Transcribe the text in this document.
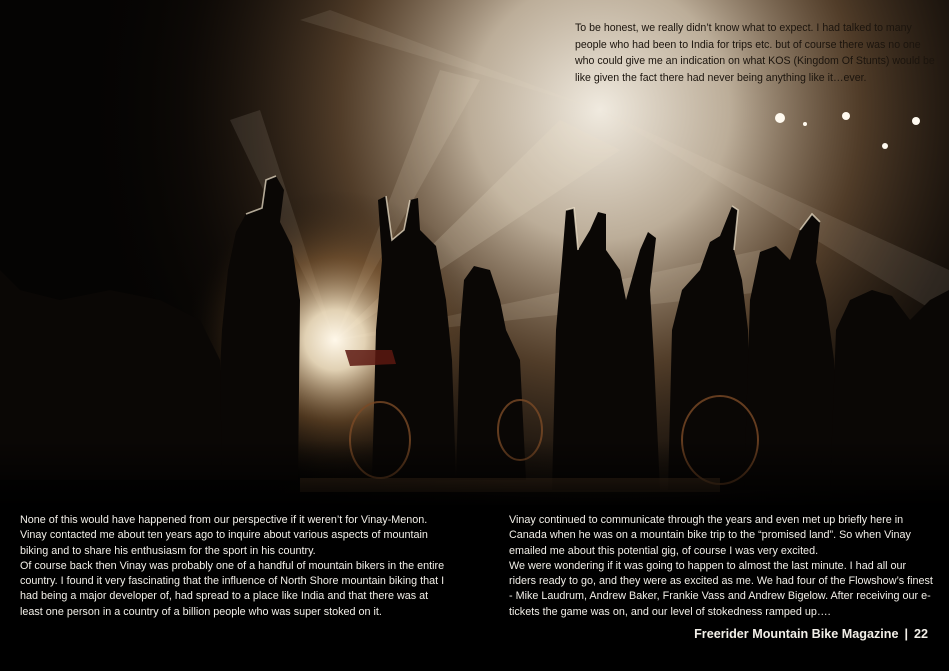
To be honest, we really didn’t know what to expect. I had talked to many people who had been to India for trips etc. but of course there was no one who could give me an indication on what KOS (Kingdom Of Stunts) would be like given the fact there had never being anything like it…ever.

None of this would have happened from our perspective if it weren’t for Vinay-Menon. Vinay contacted me about ten years ago to inquire about various aspects of mountain biking and to share his enthusiasm for the sport in his country.

Of course back then Vinay was probably one of a handful of mountain bikers in the entire country. I found it very fascinating that the influence of North Shore mountain biking that I had being a major developer of, had spread to a place like India and that there was at least one person in a country of a billion people who was super stoked on it.

Vinay continued to communicate through the years and even met up briefly here in Canada when he was on a mountain bike trip to the “promised land”. So when Vinay emailed me about this potential gig, of course I was very excited.

We were wondering if it was going to happen to almost the last minute. I had all our riders ready to go, and they were as excited as me. We had four of the Flowshow’s finest - Mike Laudrum, Andrew Baker, Frankie Vass and Andrew Bigelow. After receiving our e-tickets the game was on, and our level of stokedness ramped up….

Freerider Mountain Bike Magazine | 22
